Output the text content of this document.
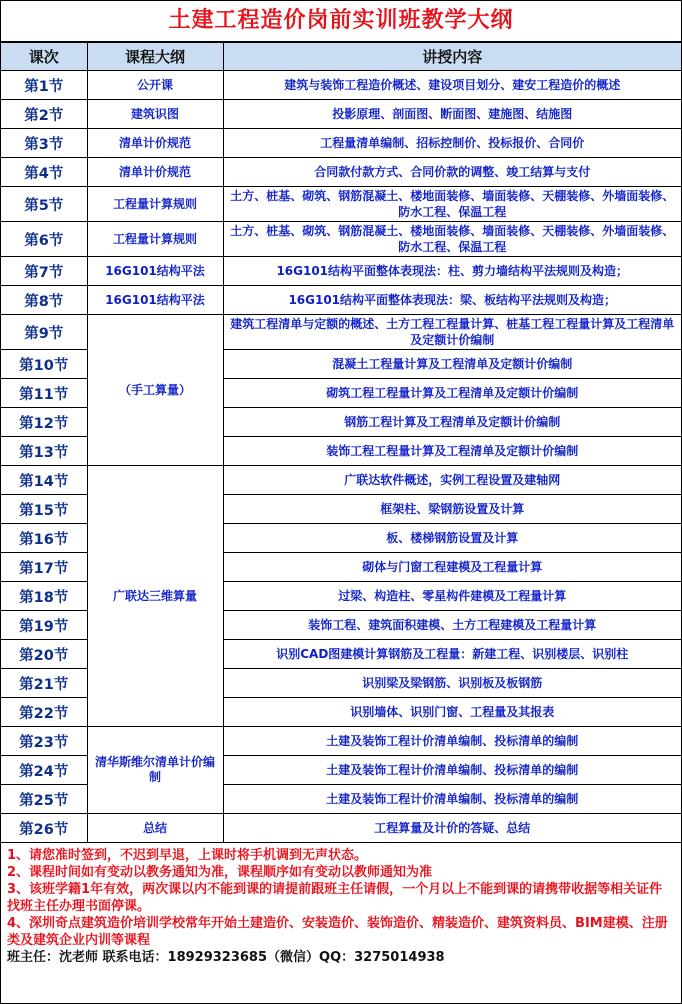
土建工程造价岗前实训班教学大纲
课次	课程大纲	讲授内容
第1节	公开课	建筑与装饰工程造价概述、建设项目划分、建安工程造价的概述
第2节	建筑识图	投影原理、剖面图、断面图、建施图、结施图
第3节	清单计价规范	工程量清单编制、招标控制价、投标报价、合同价
第4节	清单计价规范	合同款付款方式、合同价款的调整、竣工结算与支付
第5节	工程量计算规则	土方、桩基、砌筑、钢筋混凝土、楼地面装修、墙面装修、天棚装修、外墙面装修、防水工程、保温工程
第6节	工程量计算规则	土方、桩基、砌筑、钢筋混凝土、楼地面装修、墙面装修、天棚装修、外墙面装修、防水工程、保温工程
第7节	16G101结构平法	16G101结构平面整体表现法：柱、剪力墙结构平法规则及构造；
第8节	16G101结构平法	16G101结构平面整体表现法：梁、板结构平法规则及构造；
第9节	（手工算量）	建筑工程清单与定额的概述、土方工程工程量计算、桩基工程工程量计算及工程清单及定额计价编制
第10节		混凝土工程量计算及工程清单及定额计价编制
第11节		砌筑工程工程量计算及工程清单及定额计价编制
第12节		钢筋工程计算及工程清单及定额计价编制
第13节		装饰工程工程量计算及工程清单及定额计价编制
第14节	广联达三维算量	广联达软件概述，实例工程设置及建轴网
第15节		框架柱、梁钢筋设置及计算
第16节		板、楼梯钢筋设置及计算
第17节		砌体与门窗工程建模及工程量计算
第18节		过梁、构造柱、零星构件建模及工程量计算
第19节		装饰工程、建筑面积建模、土方工程建模及工程量计算
第20节		识别CAD图建模计算钢筋及工程量：新建工程、识别楼层、识别柱
第21节		识别梁及梁钢筋、识别板及板钢筋
第22节		识别墙体、识别门窗、工程量及其报表
第23节	清华斯维尔清单计价编制	土建及装饰工程计价清单编制、投标清单的编制
第24节		土建及装饰工程计价清单编制、投标清单的编制
第25节		土建及装饰工程计价清单编制、投标清单的编制
第26节	总结	工程算量及计价的答疑、总结
1、请您准时签到，不迟到早退，上课时将手机调到无声状态。
2、课程时间如有变动以教务通知为准，课程顺序如有变动以教师通知为准
3、该班学籍1年有效，两次课以内不能到课的请提前跟班主任请假，一个月以上不能到课的请携带收据等相关证件找班主任办理书面停课。
4、深圳奇点建筑造价培训学校常年开始土建造价、安装造价、装饰造价、精装造价、建筑资料员、BIM建模、注册类及建筑企业内训等课程
班主任：沈老师 联系电话：18929323685（微信）QQ：3275014938
